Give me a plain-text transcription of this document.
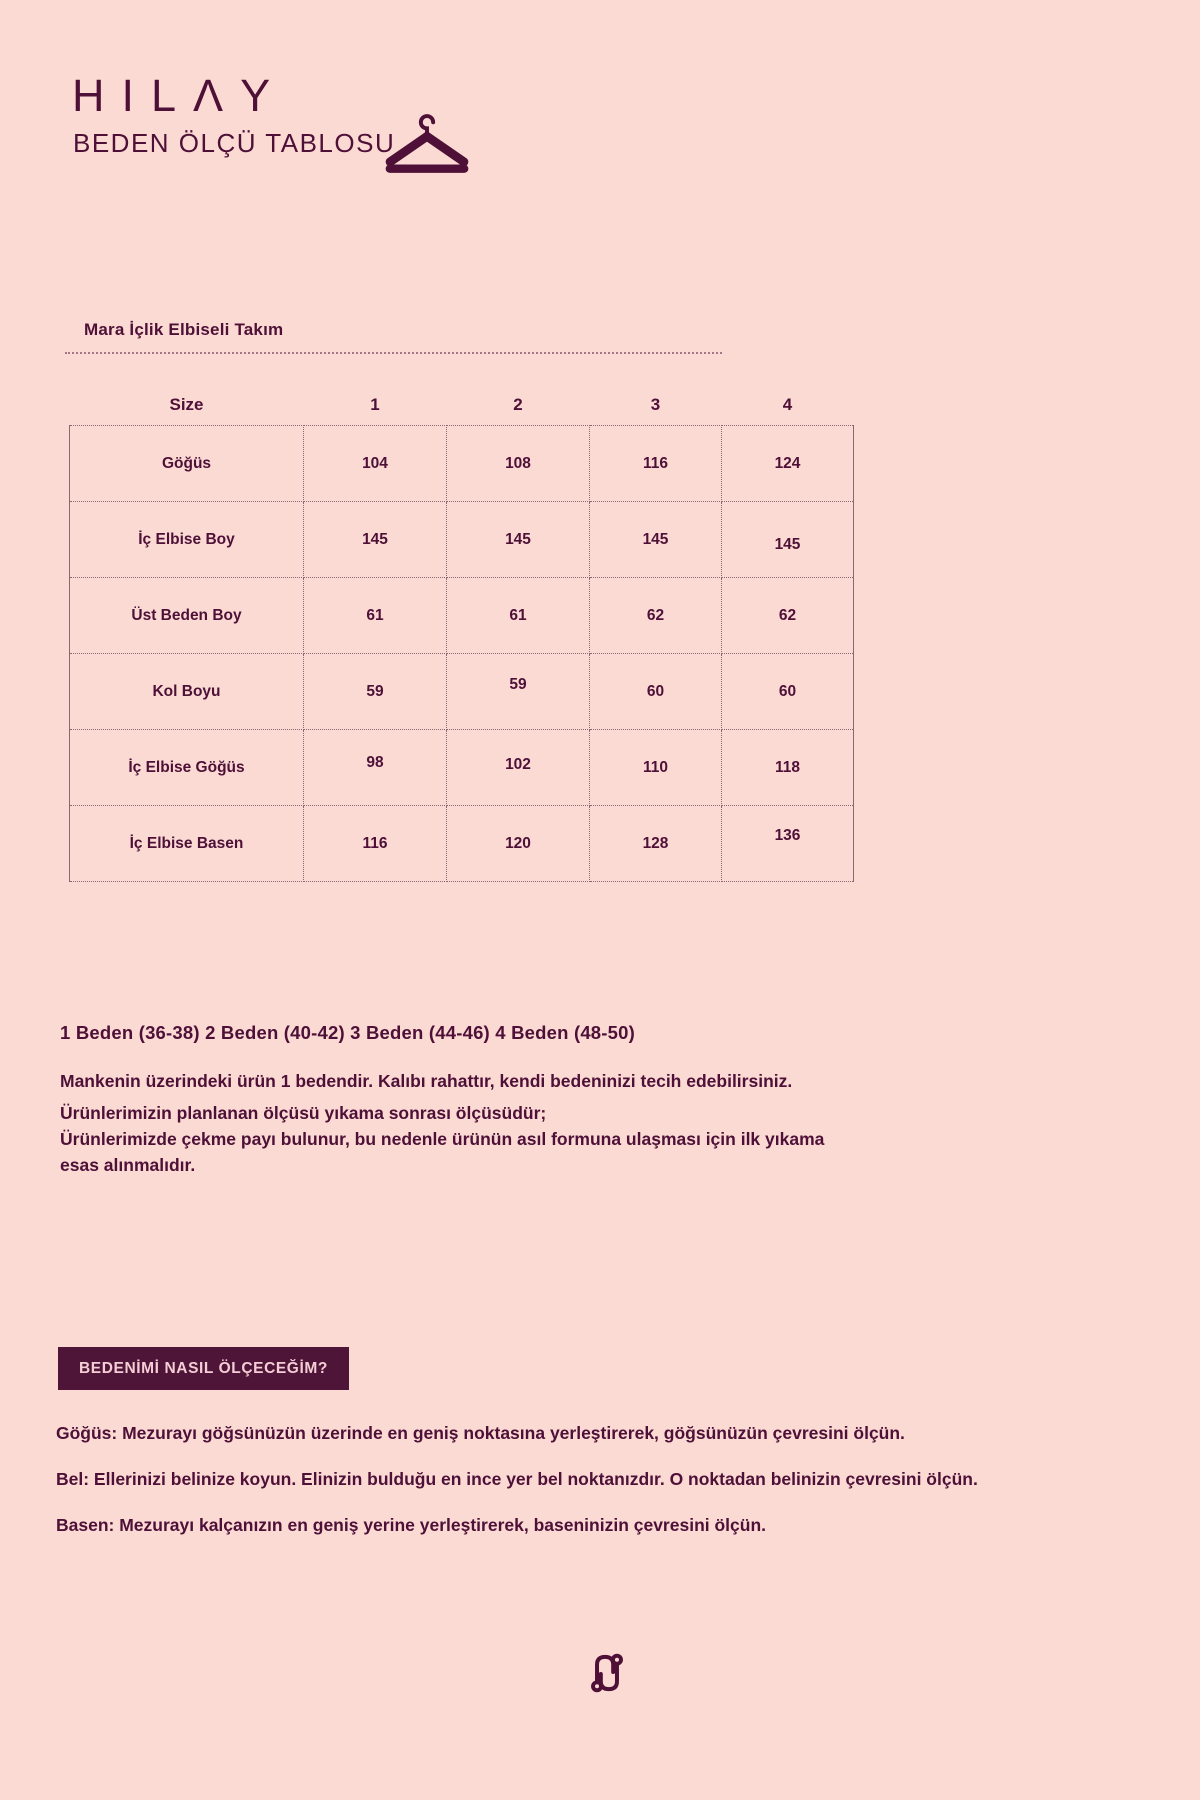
HILΛY
BEDEN ÖLÇÜ TABLOSU
Mara İçlik Elbiseli Takım
Size	1	2	3	4
Göğüs	104	108	116	124
İç Elbise Boy	145	145	145	145
Üst Beden Boy	61	61	62	62
Kol Boyu	59	59	60	60
İç Elbise Göğüs	98	102	110	118
İç Elbise Basen	116	120	128	136
1 Beden (36-38) 2 Beden (40-42) 3 Beden (44-46) 4 Beden (48-50)

Mankenin üzerindeki ürün 1 bedendir. Kalıbı rahattır, kendi bedeninizi tecih edebilirsiniz.

Ürünlerimizin planlanan ölçüsü yıkama sonrası ölçüsüdür;

Ürünlerimizde çekme payı bulunur, bu nedenle ürünün asıl formuna ulaşması için ilk yıkama

esas alınmalıdır.

BEDENİMİ NASIL ÖLÇECEĞİM?

Göğüs: Mezurayı göğsünüzün üzerinde en geniş noktasına yerleştirerek, göğsünüzün çevresini ölçün.

Bel: Ellerinizi belinize koyun. Elinizin bulduğu en ince yer bel noktanızdır. O noktadan belinizin çevresini ölçün.

Basen: Mezurayı kalçanızın en geniş yerine yerleştirerek, baseninizin çevresini ölçün.
